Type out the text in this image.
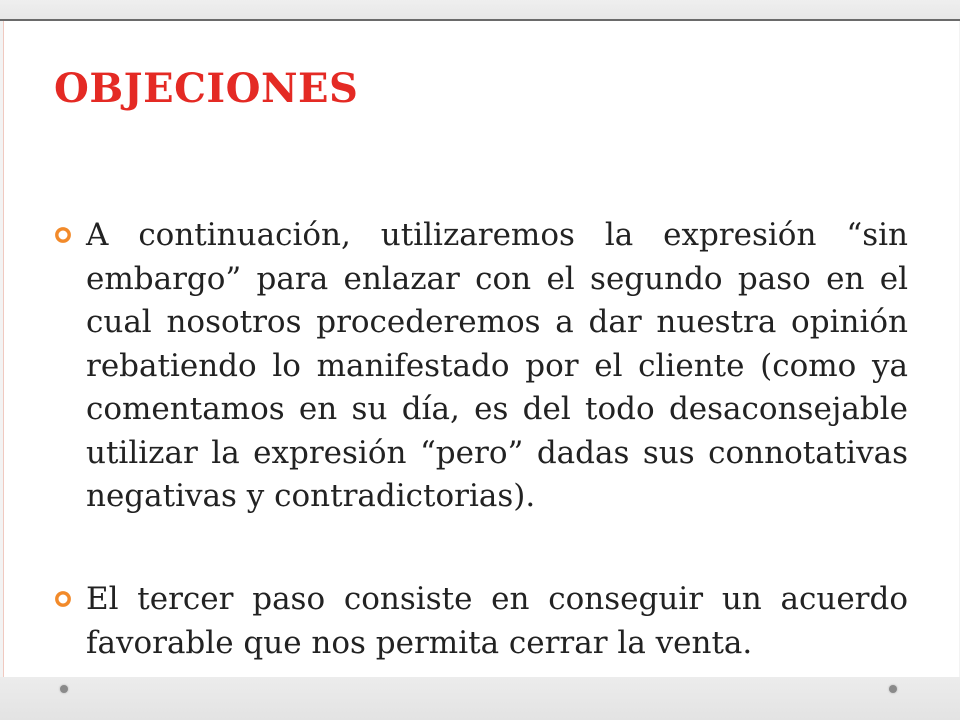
OBJECIONES

A continuación, utilizaremos la expresión “sin embargo” para enlazar con el segundo paso en el cual nosotros procederemos a dar nuestra opinión rebatiendo lo manifestado por el cliente (como ya comentamos en su día, es del todo desaconsejable utilizar la expresión “pero” dadas sus connotativas negativas y contradictorias).

El tercer paso consiste en conseguir un acuerdo favorable que nos permita cerrar la venta.
